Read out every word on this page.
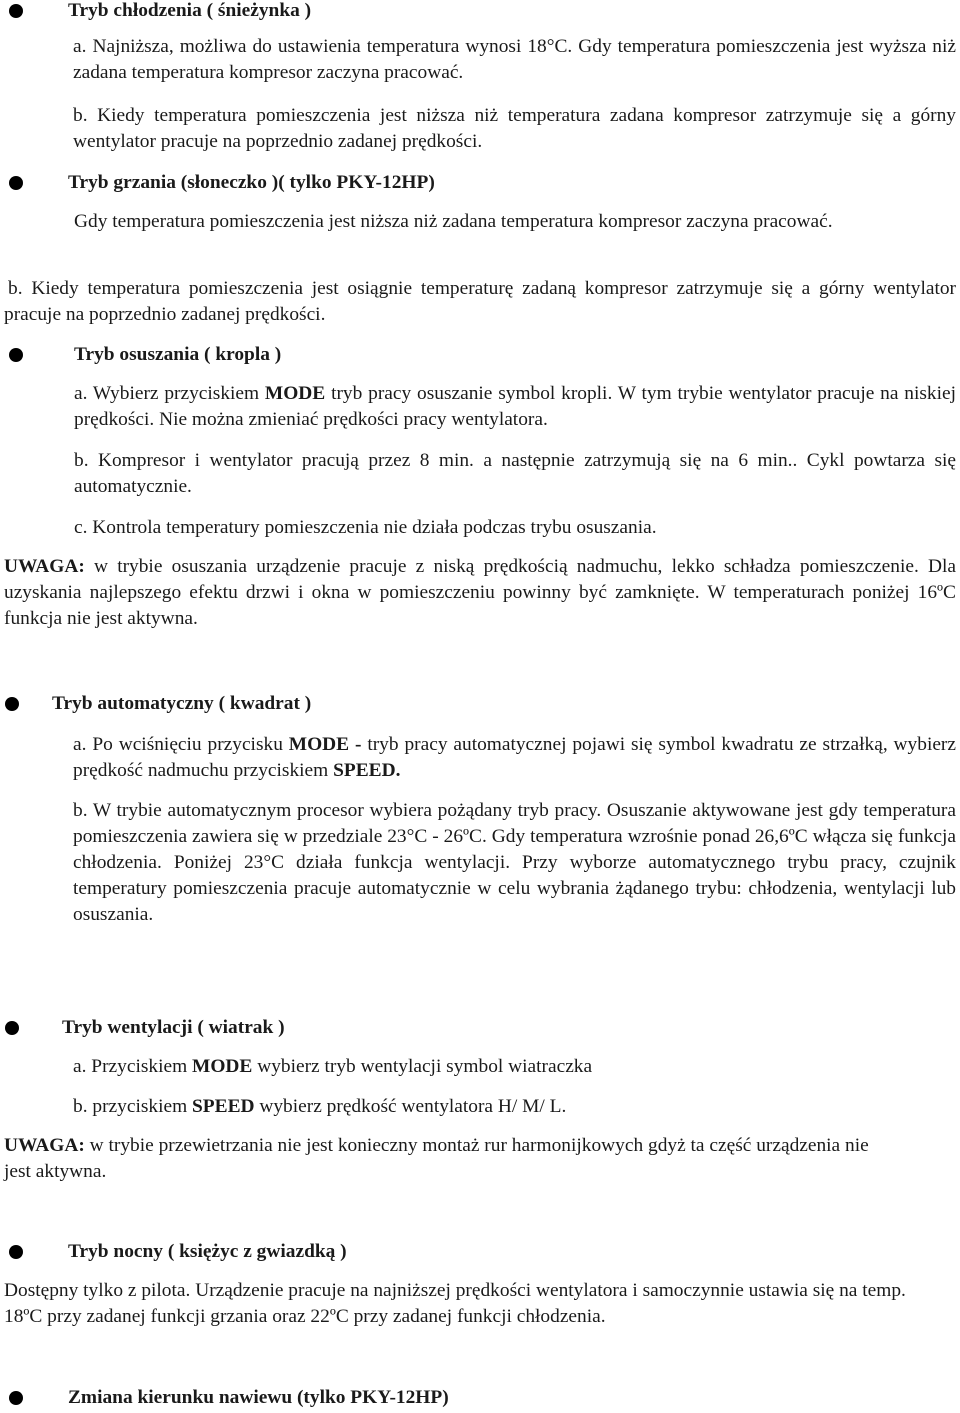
Tryb chłodzenia ( śnieżynka )

a. Najniższa, możliwa do ustawienia temperatura wynosi 18°C. Gdy temperatura pomieszczenia jest wyższa niż zadana temperatura kompresor zaczyna pracować.

b. Kiedy temperatura pomieszczenia jest niższa niż temperatura zadana kompresor zatrzymuje się a górny wentylator pracuje na poprzednio zadanej prędkości.

Tryb grzania (słoneczko )( tylko PKY-12HP)

Gdy temperatura pomieszczenia jest niższa niż zadana temperatura kompresor zaczyna pracować.

b. Kiedy temperatura pomieszczenia jest osiągnie temperaturę zadaną kompresor zatrzymuje się a górny wentylator pracuje na poprzednio zadanej prędkości.

Tryb osuszania ( kropla )

a. Wybierz przyciskiem MODE tryb pracy osuszanie symbol kropli. W tym trybie wentylator pracuje na niskiej prędkości. Nie można zmieniać prędkości pracy wentylatora.

b. Kompresor i wentylator pracują przez 8 min. a następnie zatrzymują się na 6 min.. Cykl powtarza się automatycznie.

c. Kontrola temperatury pomieszczenia nie działa podczas trybu osuszania.

UWAGA: w trybie osuszania urządzenie pracuje z niską prędkością nadmuchu, lekko schładza pomieszczenie. Dla uzyskania najlepszego efektu drzwi i okna w pomieszczeniu powinny być zamknięte. W temperaturach poniżej 16ºC funkcja nie jest aktywna.

Tryb automatyczny ( kwadrat )

a. Po wciśnięciu przycisku MODE - tryb pracy automatycznej pojawi się symbol kwadratu ze strzałką, wybierz prędkość nadmuchu przyciskiem SPEED.

b. W trybie automatycznym procesor wybiera pożądany tryb pracy. Osuszanie aktywowane jest gdy temperatura pomieszczenia zawiera się w przedziale 23°C - 26ºC. Gdy temperatura wzrośnie ponad 26,6ºC włącza się funkcja chłodzenia. Poniżej 23°C działa funkcja wentylacji. Przy wyborze automatycznego trybu pracy, czujnik temperatury pomieszczenia pracuje automatycznie w celu wybrania żądanego trybu: chłodzenia, wentylacji lub osuszania.

Tryb wentylacji ( wiatrak )

a. Przyciskiem MODE wybierz tryb wentylacji symbol wiatraczka

b. przyciskiem SPEED wybierz prędkość wentylatora H/ M/ L.

UWAGA: w trybie przewietrzania nie jest konieczny montaż rur harmonijkowych gdyż ta część urządzenia nie jest aktywna.

Tryb nocny ( księżyc z gwiazdką )

Dostępny tylko z pilota. Urządzenie pracuje na najniższej prędkości wentylatora i samoczynnie ustawia się na temp. 18ºC przy zadanej funkcji grzania oraz 22ºC przy zadanej funkcji chłodzenia.

Zmiana kierunku nawiewu (tylko PKY-12HP)
